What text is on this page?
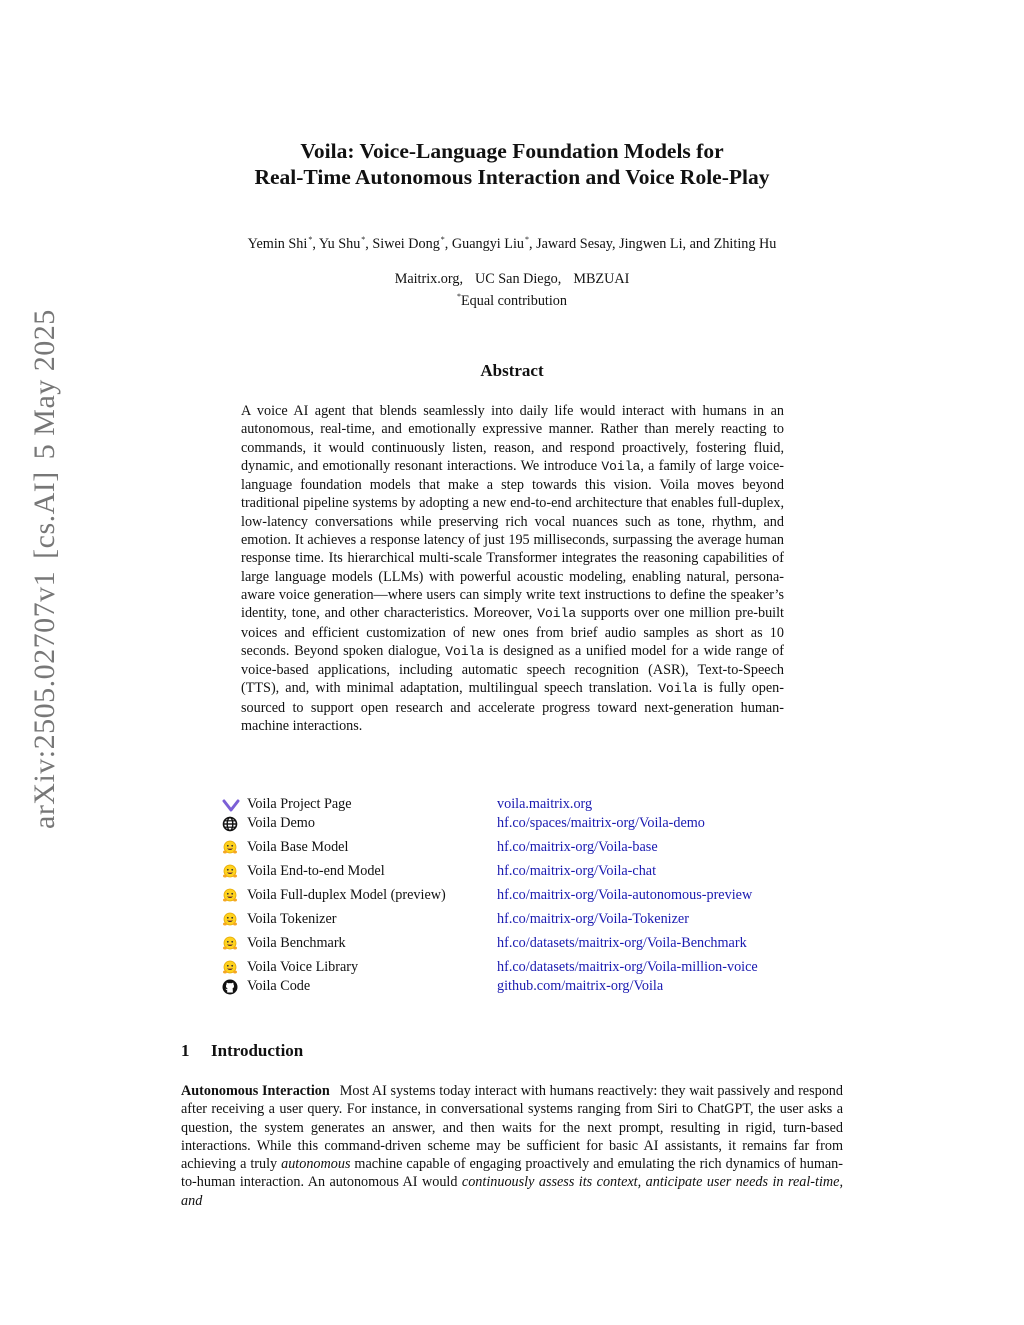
arXiv:2505.02707v1[cs.AI]5 May 2025
Voila: Voice-Language Foundation Models for
Real-Time Autonomous Interaction and Voice Role-Play
Yemin Shi*, Yu Shu*, Siwei Dong*, Guangyi Liu*, Jaward Sesay, Jingwen Li, and Zhiting Hu
Maitrix.org, UC San Diego, MBZUAI
*Equal contribution
Abstract
A voice AI agent that blends seamlessly into daily life would interact with humans in an autonomous, real-time, and emotionally expressive manner. Rather than merely reacting to commands, it would continuously listen, reason, and respond proactively, fostering fluid, dynamic, and emotionally resonant interactions. We introduce Voila, a family of large voice-language foundation models that make a step towards this vision. Voila moves beyond traditional pipeline systems by adopting a new end-to-end architecture that enables full-duplex, low-latency conversations while preserving rich vocal nuances such as tone, rhythm, and emotion. It achieves a response latency of just 195 milliseconds, surpassing the average human response time. Its hierarchical multi-scale Transformer integrates the reasoning capabilities of large language models (LLMs) with powerful acoustic modeling, enabling natural, persona-aware voice generation—where users can simply write text instructions to define the speaker’s identity, tone, and other characteristics. Moreover, Voila supports over one million pre-built voices and efficient customization of new ones from brief audio samples as short as 10 seconds. Beyond spoken dialogue, Voila is designed as a unified model for a wide range of voice-based applications, including automatic speech recognition (ASR), Text-to-Speech (TTS), and, with minimal adaptation, multilingual speech translation. Voila is fully open-sourced to support open research and accelerate progress toward next-generation human-machine interactions.
Voila Project Page	voila.maitrix.org
Voila Demo	hf.co/spaces/maitrix-org/Voila-demo
Voila Base Model	hf.co/maitrix-org/Voila-base
Voila End-to-end Model	hf.co/maitrix-org/Voila-chat
Voila Full-duplex Model (preview)	hf.co/maitrix-org/Voila-autonomous-preview
Voila Tokenizer	hf.co/maitrix-org/Voila-Tokenizer
Voila Benchmark	hf.co/datasets/maitrix-org/Voila-Benchmark
Voila Voice Library	hf.co/datasets/maitrix-org/Voila-million-voice
Voila Code	github.com/maitrix-org/Voila
1 Introduction
Autonomous Interaction Most AI systems today interact with humans reactively: they wait passively and respond after receiving a user query. For instance, in conversational systems ranging from Siri to ChatGPT, the user asks a question, the system generates an answer, and then waits for the next prompt, resulting in rigid, turn-based interactions. While this command-driven scheme may be sufficient for basic AI assistants, it remains far from achieving a truly autonomous machine capable of engaging proactively and emulating the rich dynamics of human-to-human interaction. An autonomous AI would continuously assess its context, anticipate user needs in real-time, and
